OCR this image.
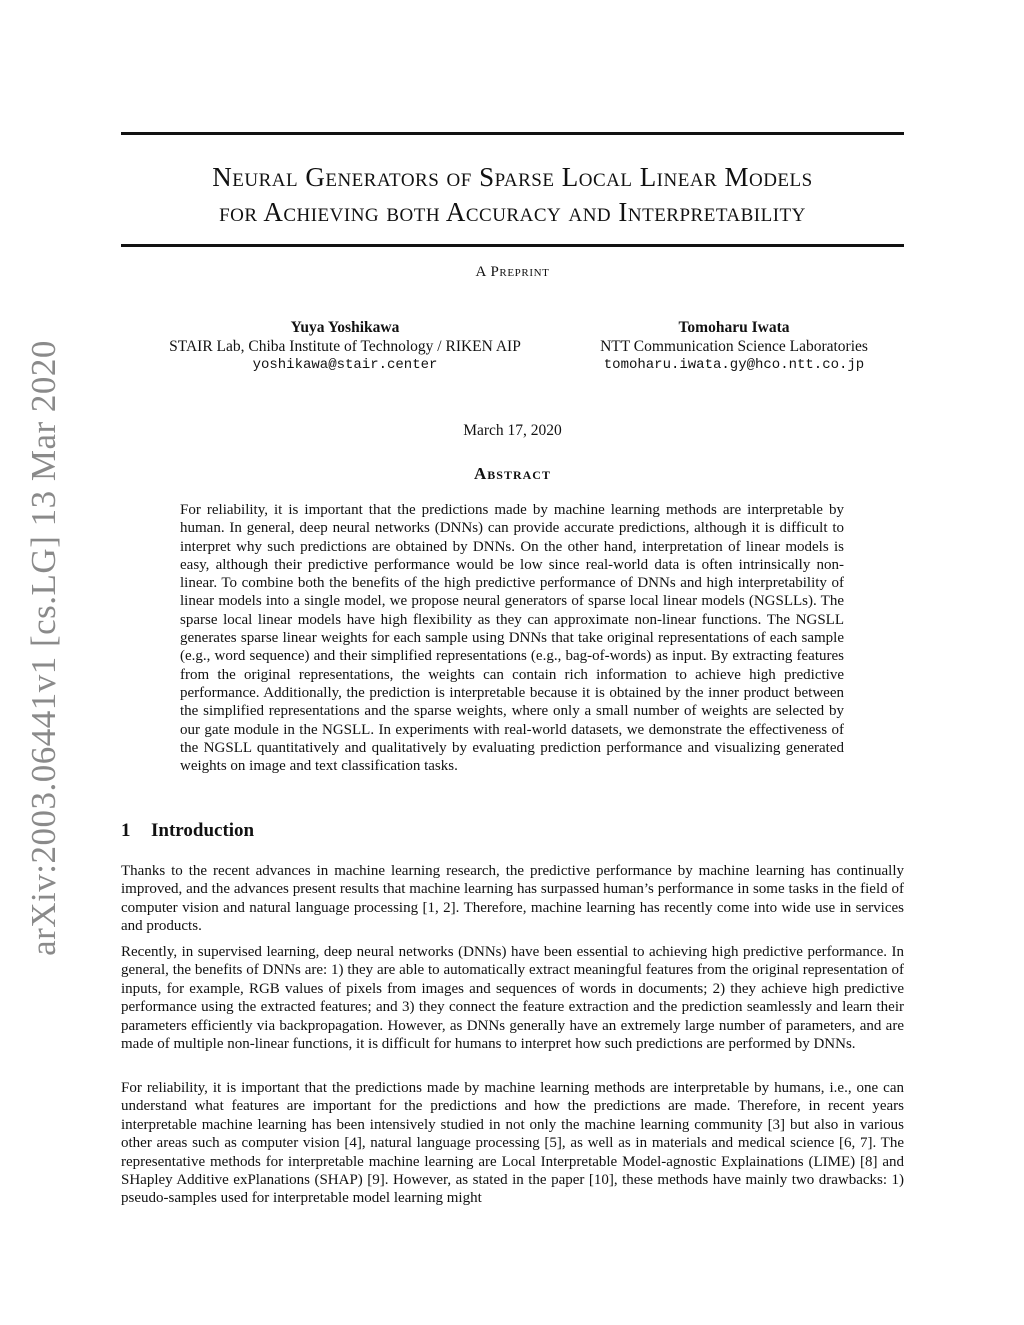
Neural Generators of Sparse Local Linear Models
for Achieving both Accuracy and Interpretability
A Preprint
Yuya Yoshikawa
STAIR Lab, Chiba Institute of Technology / RIKEN AIP
yoshikawa@stair.center
Tomoharu Iwata
NTT Communication Science Laboratories
tomoharu.iwata.gy@hco.ntt.co.jp
March 17, 2020
Abstract

For reliability, it is important that the predictions made by machine learning methods are interpretable by human. In general, deep neural networks (DNNs) can provide accurate predictions, although it is difficult to interpret why such predictions are obtained by DNNs. On the other hand, interpretation of linear models is easy, although their predictive performance would be low since real-world data is often intrinsically non-linear. To combine both the benefits of the high predictive performance of DNNs and high interpretability of linear models into a single model, we propose neural generators of sparse local linear models (NGSLLs). The sparse local linear models have high flexibility as they can approximate non-linear functions. The NGSLL generates sparse linear weights for each sample using DNNs that take original representations of each sample (e.g., word sequence) and their simplified representations (e.g., bag-of-words) as input. By extracting features from the original representations, the weights can contain rich information to achieve high predictive performance. Additionally, the prediction is interpretable because it is obtained by the inner product between the simplified representations and the sparse weights, where only a small number of weights are selected by our gate module in the NGSLL. In experiments with real-world datasets, we demonstrate the effectiveness of the NGSLL quantitatively and qualitatively by evaluating prediction performance and visualizing generated weights on image and text classification tasks.

1 Introduction

Thanks to the recent advances in machine learning research, the predictive performance by machine learning has continually improved, and the advances present results that machine learning has surpassed human’s performance in some tasks in the field of computer vision and natural language processing [1, 2]. Therefore, machine learning has recently come into wide use in services and products.

Recently, in supervised learning, deep neural networks (DNNs) have been essential to achieving high predictive performance. In general, the benefits of DNNs are: 1) they are able to automatically extract meaningful features from the original representation of inputs, for example, RGB values of pixels from images and sequences of words in documents; 2) they achieve high predictive performance using the extracted features; and 3) they connect the feature extraction and the prediction seamlessly and learn their parameters efficiently via backpropagation. However, as DNNs generally have an extremely large number of parameters, and are made of multiple non-linear functions, it is difficult for humans to interpret how such predictions are performed by DNNs.

For reliability, it is important that the predictions made by machine learning methods are interpretable by humans, i.e., one can understand what features are important for the predictions and how the predictions are made. Therefore, in recent years interpretable machine learning has been intensively studied in not only the machine learning community [3] but also in various other areas such as computer vision [4], natural language processing [5], as well as in materials and medical science [6, 7]. The representative methods for interpretable machine learning are Local Interpretable Model-agnostic Explainations (LIME) [8] and SHapley Additive exPlanations (SHAP) [9]. However, as stated in the paper [10], these methods have mainly two drawbacks: 1) pseudo-samples used for interpretable model learning might

arXiv:2003.06441v1 [cs.LG] 13 Mar 2020
